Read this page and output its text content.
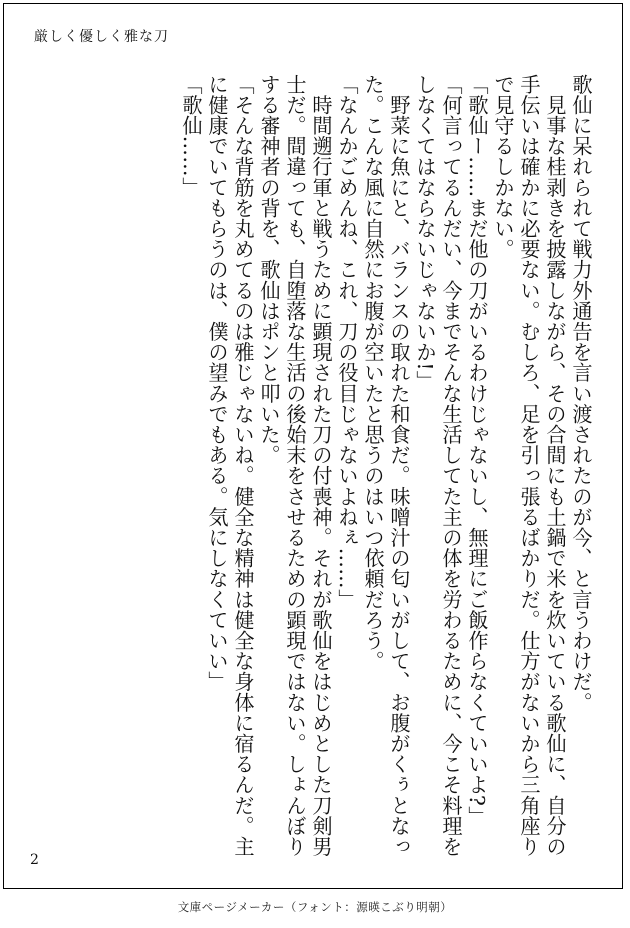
厳しく優しく雅な刀

歌仙に呆れられて戦力外通告を言い渡されたのが今、と言うわけだ。

　見事な桂剥きを披露しながら、その合間にも土鍋で米を炊いている歌仙に、自分の手伝いは確かに必要ない。むしろ、足を引っ張るばかりだ。仕方がないから三角座りで見守るしかない。

「歌仙ー……まだ他の刀がいるわけじゃないし、無理にご飯作らなくていいよ?」

「何言ってるんだい、今までそんな生活してた主の体を労わるために、今こそ料理をしなくてはならないじゃないか!」

　野菜に魚にと、バランスの取れた和食だ。味噌汁の匂いがして、お腹がくぅとなった。こんな風に自然にお腹が空いたと思うのはいつ依頼だろう。

「なんかごめんね、これ、刀の役目じゃないよねぇ……」

　時間遡行軍と戦うために顕現された刀の付喪神。それが歌仙をはじめとした刀剣男士だ。間違っても、自堕落な生活の後始末をさせるための顕現ではない。しょんぼりする審神者の背を、歌仙はポンと叩いた。

「そんな背筋を丸めてるのは雅じゃないね。健全な精神は健全な身体に宿るんだ。主に健康でいてもらうのは、僕の望みでもある。気にしなくていい」

「歌仙……」

2
文庫ページメーカー（フォント：源暎こぶり明朝）
